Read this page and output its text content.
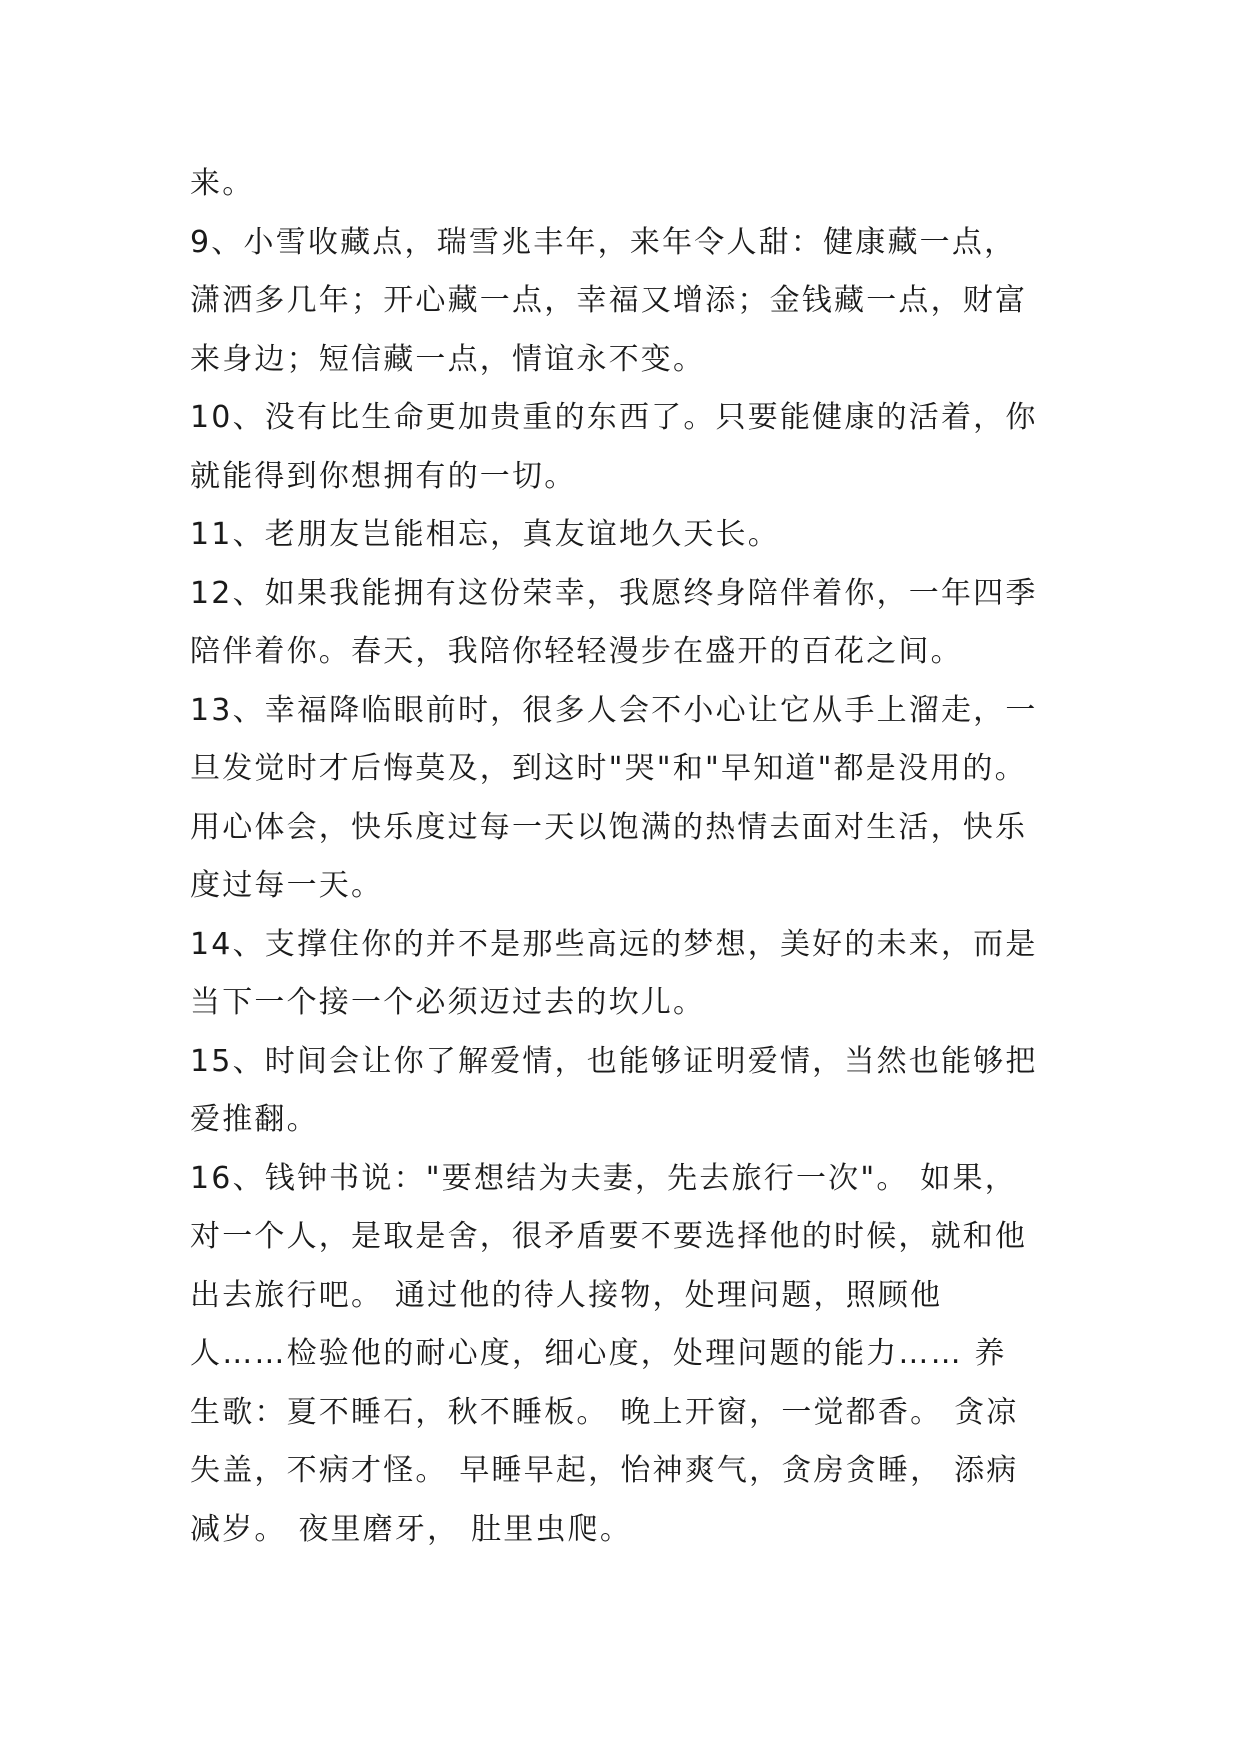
来。
9、小雪收藏点，瑞雪兆丰年，来年令人甜：健康藏一点，
潇洒多几年；开心藏一点，幸福又增添；金钱藏一点，财富
来身边；短信藏一点，情谊永不变。
10、没有比生命更加贵重的东西了。只要能健康的活着，你
就能得到你想拥有的一切。
11、老朋友岂能相忘，真友谊地久天长。
12、如果我能拥有这份荣幸，我愿终身陪伴着你，一年四季
陪伴着你。春天，我陪你轻轻漫步在盛开的百花之间。
13、幸福降临眼前时，很多人会不小心让它从手上溜走，一
旦发觉时才后悔莫及，到这时"哭"和"早知道"都是没用的。
用心体会，快乐度过每一天以饱满的热情去面对生活，快乐
度过每一天。
14、支撑住你的并不是那些高远的梦想，美好的未来，而是
当下一个接一个必须迈过去的坎儿。
15、时间会让你了解爱情，也能够证明爱情，当然也能够把
爱推翻。
16、钱钟书说："要想结为夫妻，先去旅行一次"。 如果，
对一个人，是取是舍，很矛盾要不要选择他的时候，就和他
出去旅行吧。 通过他的待人接物，处理问题，照顾他
人……检验他的耐心度，细心度，处理问题的能力…… 养
生歌：夏不睡石，秋不睡板。 晚上开窗，一觉都香。 贪凉
失盖，不病才怪。 早睡早起，怡神爽气，贪房贪睡， 添病
减岁。 夜里磨牙， 肚里虫爬。
